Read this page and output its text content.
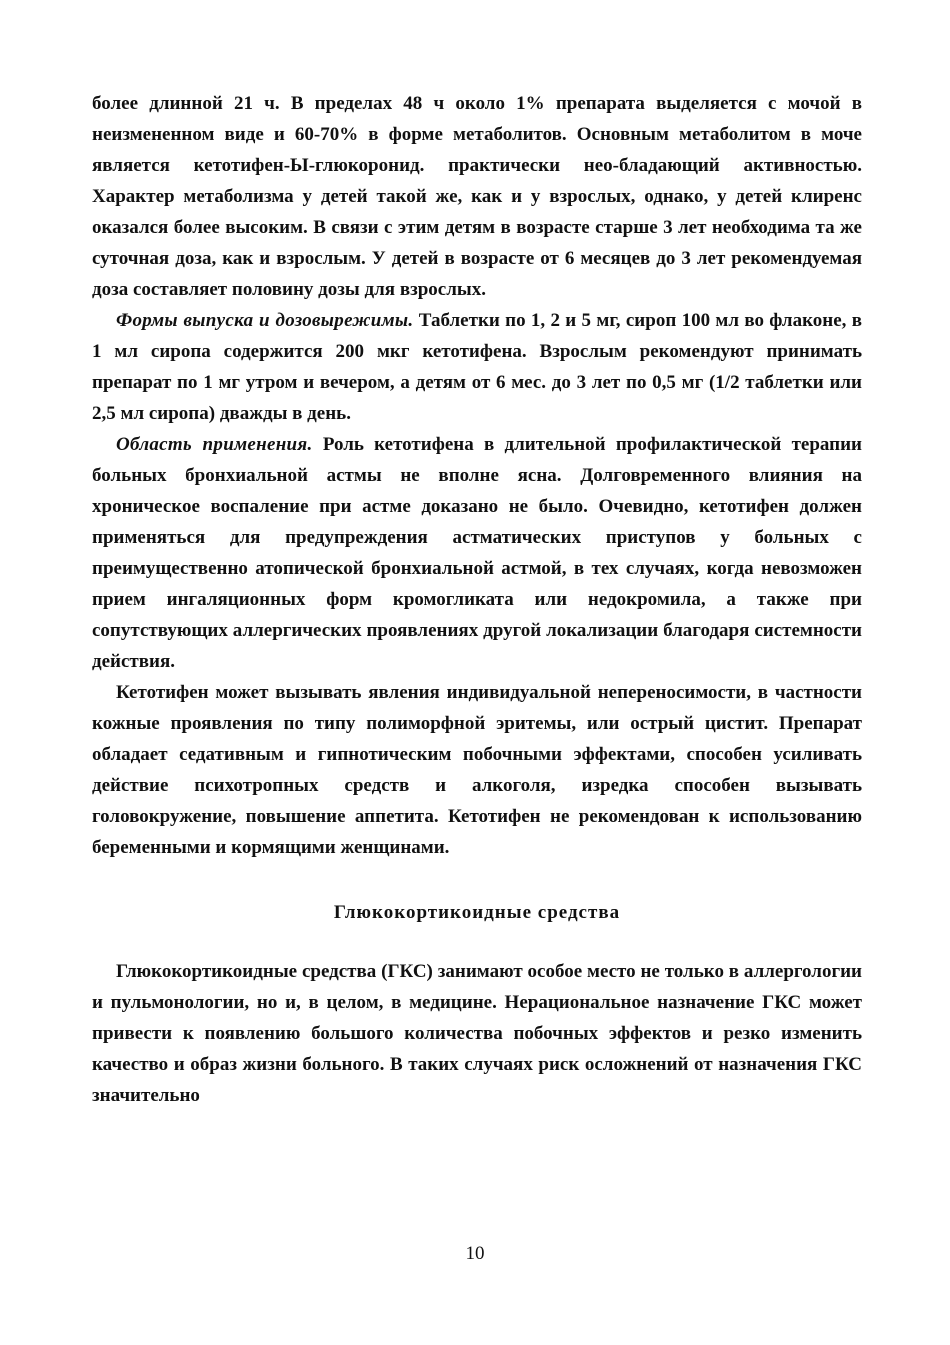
более длинной 21 ч. В пределах 48 ч около 1% препарата выделяется с мочой в неизмененном виде и 60-70% в форме метаболитов. Основным метаболитом в моче является кетотифен-Ы-глюкоронид. практически нео-бладающий активностью. Характер метаболизма у детей такой же, как и у взрослых, однако, у детей клиренс оказался более высоким. В связи с этим детям в возрасте старше 3 лет необходима та же суточная доза, как и взрослым. У детей в возрасте от 6 месяцев до 3 лет рекомендуемая доза составляет половину дозы для взрослых.

Формы выпуска и дозовырежимы. Таблетки по 1, 2 и 5 мг, сироп 100 мл во флаконе, в 1 мл сиропа содержится 200 мкг кетотифена. Взрослым рекомендуют принимать препарат по 1 мг утром и вечером, а детям от 6 мес. до 3 лет по 0,5 мг (1/2 таблетки или 2,5 мл сиропа) дважды в день.

Область применения. Роль кетотифена в длительной профилактической терапии больных бронхиальной астмы не вполне ясна. Долговременного влияния на хроническое воспаление при астме доказано не было. Очевидно, кетотифен должен применяться для предупреждения астматических приступов у больных с преимущественно атопической бронхиальной астмой, в тех случаях, когда невозможен прием ингаляционных форм кромогликата или недокромила, а также при сопутствующих аллергических проявлениях другой локализации благодаря системности действия.

Кетотифен может вызывать явления индивидуальной непереносимости, в частности кожные проявления по типу полиморфной эритемы, или острый цистит. Препарат обладает седативным и гипнотическим побочными эффектами, способен усиливать действие психотропных средств и алкоголя, изредка способен вызывать головокружение, повышение аппетита. Кетотифен не рекомендован к использованию беременными и кормящими женщинами.

Глюкокортикоидные средства

Глюкокортикоидные средства (ГКС) занимают особое место не только в аллергологии и пульмонологии, но и, в целом, в медицине. Нерациональное назначение ГКС может привести к появлению большого количества побочных эффектов и резко изменить качество и образ жизни больного. В таких случаях риск осложнений от назначения ГКС значительно

10
